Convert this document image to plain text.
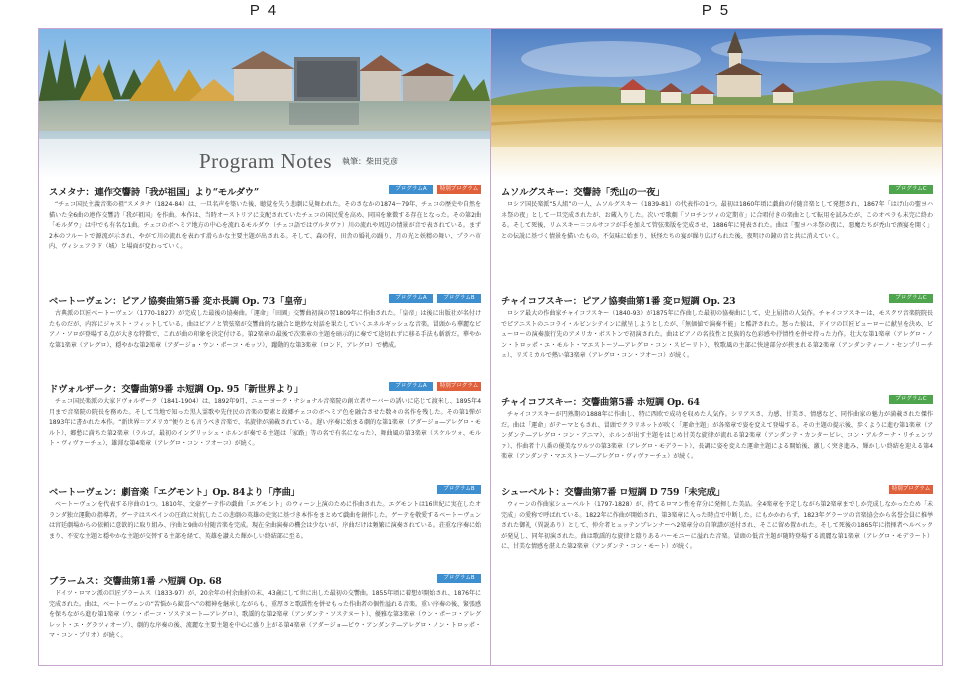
P 4	P 5
Program Notes 執筆：柴田克彦
スメタナ：連作交響詩「我が祖国」より“モルダウ”	プログラムA	特別プログラム
“チェコ国民主義音楽の祖”スメタナ（1824-84）は、一旦名声を築いた後、聴覚を失う悲劇に見舞われた。そのさなかの1874〜79年、チェコの歴史や自然を描いた全6曲の連作交響詩「我が祖国」を作曲。本作は、当時オーストリアに支配されていたチェコの国民愛を高め、同国を象徴する存在となった。その第2曲「モルダウ」は中でも有名な1曲。チェコのボヘミア地方の中心を流れるモルダウ（チェコ語ではヴルタヴァ）川の流れや周辺の情景が音で表されている。まず2本のフルートで源流が示され、やがて川の流れを表わす滑らかな主要主題が出される。そして、森の狩、田舎の婚礼の踊り、月の光と妖精の舞い、プラハ市内、ヴィシェフラド（城）と場面が変わっていく。
ベートーヴェン：ピアノ協奏曲第5番 変ホ長調 Op. 73「皇帝」	プログラムA	プログラムB
古典派の巨匠ベートーヴェン（1770-1827）が完成した最後の協奏曲。「運命」「田園」交響曲初演の翌1809年に作曲された。「皇帝」は後に出版社が名付けたものだが、内容にジャスト・フィットしている。曲はピアノと管弦楽が交響曲的な融合と絶妙な対話を果たしていくエネルギッシュな音楽。冒頭から華麗なピアノ・ソロが登場する点が大きな特徴で、これが曲の印象を決定付ける。第2楽章の最後で次楽章の主題を暗示的に奏でて途切れずに移る手法も斬新だ。華やかな第1楽章（アレグロ）、穏やかな第2楽章（アダージョ・ウン・ポーコ・モッソ）、躍動的な第3楽章（ロンド、アレグロ）で構成。
ドヴォルザーク：交響曲第9番 ホ短調 Op. 95「新世界より」	プログラムA	特別プログラム
チェコ国民楽派の大家ドヴォルザーク（1841-1904）は、1892年9月、ニューヨーク・ナショナル音楽院の創立者サーバーの誘いに応じて渡米し、1895年4月まで音楽院の院長を務めた。そして当地で知った黒人霊歌や先住民の音楽の要素と故郷チェコのボヘミア色を融合させた数々の名作を残した。その第1弾が1893年に書かれた本作。“新世界＝アメリカ”便りとも言うべき音楽で、名旋律が満載されている。遅い序奏に始まる劇的な第1楽章（アダージョ―アレグロ・モルト）、郷愁に満ちた第2楽章（ラルゴ。最初のイングリッシュ・ホルンが奏でる主題は「家路」等の名で有名になった）、舞曲風の第3楽章（スケルツォ、モルト・ヴィヴァーチェ）、雄渾な第4楽章（アレグロ・コン・フオーコ）が続く。
ベートーヴェン：劇音楽「エグモント」Op. 84より「序曲」	プログラムB
ベートーヴェンを代表する序曲の1つ。1810年、文豪ゲーテ作の戯曲「エグモント」のウィーン上演のために作曲された。エグモントは16世紀に実在したオランダ独立運動の指導者。ゲーテはスペインの圧政に対抗したこの悲劇の英雄の史実に基づき本作をまとめて戯曲を創作した。ゲーテを敬愛するベートーヴェンは宮廷劇場からの依頼に意欲的に取り組み、序曲と9曲の付随音楽を完成。現在全曲演奏の機会は少ないが、序曲だけは頻繁に演奏されている。荘重な序奏に始まり、不安な主題と穏やかな主題が交替する主部を経て、英雄を讃えた輝かしい終結部に至る。
ブラームス：交響曲第1番 ハ短調 Op. 68	プログラムB
ドイツ・ロマン派の巨匠ブラームス（1833-97）が、20余年の村余曲折の末、43歳にして世に出した最初の交響曲。1855年頃に着想が開始され、1876年に完成された。曲は、ベートーヴェンの“苦悩から歓喜へ”の精神を継承しながらも、重厚さと歌謡性を併せもった作曲者の個性溢れる音楽。重い序奏の後、緊張感を保ちながら進む第1楽章（ウン・ポーコ・ソステヌート―アレグロ）、歌謡的な第2楽章（アンダンテ・ソステヌート）、優雅な第3楽章（ウン・ポーコ・アレグレット・エ・グラツィオーゾ）、劇的な序奏の後、流麗な主要主題を中心に盛り上がる第4楽章（アダージョ―ピウ・アンダンテ―アレグロ・ノン・トロッポ・マ・コン・ブリオ）が続く。
ムソルグスキー：交響詩「禿山の一夜」	プログラムC
ロシア国民楽派“5人組”の一人、ムソルグスキー（1839-81）の代表作の1つ。最初は1860年頃に戯曲の付随音楽として発想され、1867年「はげ山の聖ヨハネ祭の夜」として一旦完成されたが、お蔵入りした。次いで歌劇「ソロチンツィの定期市」に合唱付きの楽曲として転用を試みたが、このオペラも未完に終わる。そして死後、リムスキー＝コルサコフが手を加えて管弦楽版を完成させ、1886年に発表された。曲は「聖ヨハネ祭の夜に、悪魔たちが禿山で酒宴を開く」との伝説に基づく情景を描いたもの。不気味に始まり、妖怪たちの宴が繰り広げられた後、夜明けの鐘の音と共に消えていく。
チャイコフスキー：ピアノ協奏曲第1番 変ロ短調 Op. 23	プログラムC
ロシア最大の作曲家チャイコフスキー（1840-93）が1875年に作曲した最初の協奏曲にして、史上屈指の人気作。チャイコフスキーは、モスクワ音楽院院長でピアニストのニコライ・ルビンシテインに献呈しようとしたが、「無価値で演奏不能」と酷評された。怒った彼は、ドイツの巨匠ビューローに献呈を決め、ビューローの演奏旅行先のアメリカ・ボストンで初演された。曲はピアノの名技性と民族的な色彩感や抒情性を併せ持った力作。壮大な第1楽章（アレグロ・ノン・トロッポ・エ・モルト・マエストーソ―アレグロ・コン・スピーリト）、牧歌風の主部に快速部分が挟まれる第2楽章（アンダンティーノ・センプリーチェ）、リズミカルで熱い第3楽章（アレグロ・コン・フオーコ）が続く。
チャイコフスキー：交響曲第5番 ホ短調 Op. 64	プログラムC
チャイコフスキーが円熟期の1888年に作曲し、特に西欧で成功を収めた人気作。シリアスさ、力感、甘美さ、情感など、同作曲家の魅力が満載された傑作だ。曲は「運命」がテーマともされ、冒頭でクラリネットが吹く「運命主題」が各楽章で姿を変えて登場する。その主題の提示後、歩くように進む第1楽章（アンダンテ―アレグロ・コン・アニマ）、ホルンが出す主題をはじめ甘美な旋律が流れる第2楽章（アンダンテ・カンタービレ、コン・アルクーナ・リチェンツァ）、作曲者十八番の優美なワルツの第3楽章（アレグロ・モデラート）、長調に姿を変えた運命主題による開始後、激しく突き進み、輝かしい終結を迎える第4楽章（アンダンテ・マエストーソ―アレグロ・ヴィヴァーチェ）が続く。
シューベルト：交響曲第7番 ロ短調 D 759「未完成」	特別プログラム
ウィーンの作曲家シューベルト（1797-1828）が、持てるロマン性を存分に発揮した美品。全4楽章を予定しながら第2楽章までしか完成しなかったため「未完成」の愛称で呼ばれている。1822年に作曲が開始され、第3楽章に入った時点で中断した。にもかかわらず、1823年グラーツの音楽協会から名誉会員に推挙された御礼（異説あり）として、仲介者ヒュッテンブレンナーへ2楽章分の自筆譜が送付され、そこに留め置かれた。そして死後の1865年に指揮者ヘルベックが発見し、同年初演された。曲は歌謡的な旋律と陰りあるハーモニーに溢れた音楽。冒頭の低音主題が随時登場する流麗な第1楽章（アレグロ・モデラート）に、甘美な情感を湛えた第2楽章（アンダンテ・コン・モート）が続く。
